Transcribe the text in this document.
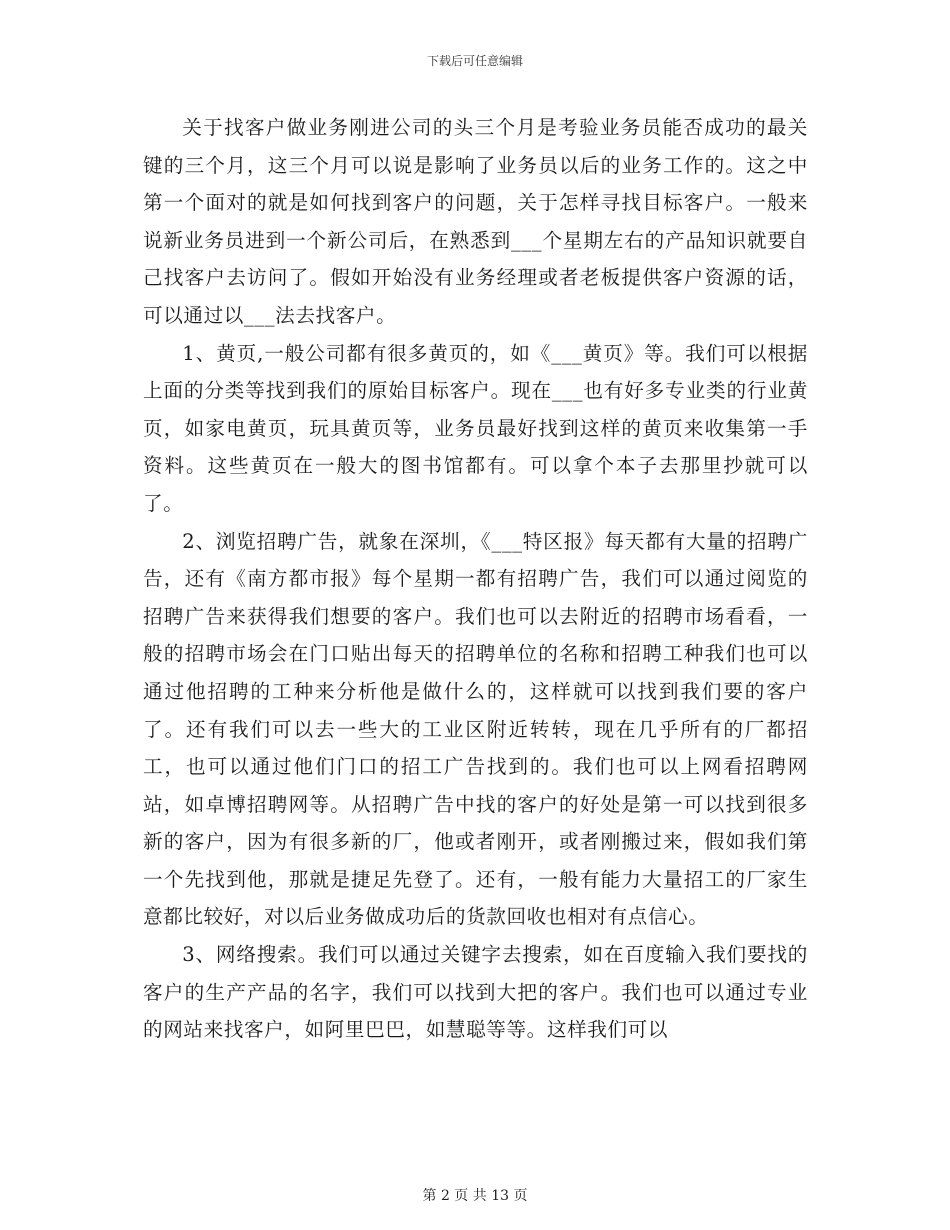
下载后可任意编辑

关于找客户做业务刚进公司的头三个月是考验业务员能否成功的最关键的三个月，这三个月可以说是影响了业务员以后的业务工作的。这之中第一个面对的就是如何找到客户的问题，关于怎样寻找目标客户。一般来说新业务员进到一个新公司后，在熟悉到___个星期左右的产品知识就要自己找客户去访问了。假如开始没有业务经理或者老板提供客户资源的话，可以通过以___法去找客户。

1、黄页,一般公司都有很多黄页的，如《___黄页》等。我们可以根据上面的分类等找到我们的原始目标客户。现在___也有好多专业类的行业黄页，如家电黄页，玩具黄页等，业务员最好找到这样的黄页来收集第一手资料。这些黄页在一般大的图书馆都有。可以拿个本子去那里抄就可以了。

2、浏览招聘广告，就象在深圳，《___特区报》每天都有大量的招聘广告，还有《南方都市报》每个星期一都有招聘广告，我们可以通过阅览的招聘广告来获得我们想要的客户。我们也可以去附近的招聘市场看看，一般的招聘市场会在门口贴出每天的招聘单位的名称和招聘工种我们也可以通过他招聘的工种来分析他是做什么的，这样就可以找到我们要的客户了。还有我们可以去一些大的工业区附近转转，现在几乎所有的厂都招工，也可以通过他们门口的招工广告找到的。我们也可以上网看招聘网站，如卓博招聘网等。从招聘广告中找的客户的好处是第一可以找到很多新的客户，因为有很多新的厂，他或者刚开，或者刚搬过来，假如我们第一个先找到他，那就是捷足先登了。还有，一般有能力大量招工的厂家生意都比较好，对以后业务做成功后的货款回收也相对有点信心。

3、网络搜索。我们可以通过关键字去搜索，如在百度输入我们要找的客户的生产产品的名字，我们可以找到大把的客户。我们也可以通过专业的网站来找客户，如阿里巴巴，如慧聪等等。这样我们可以

第 2 页 共 13 页
